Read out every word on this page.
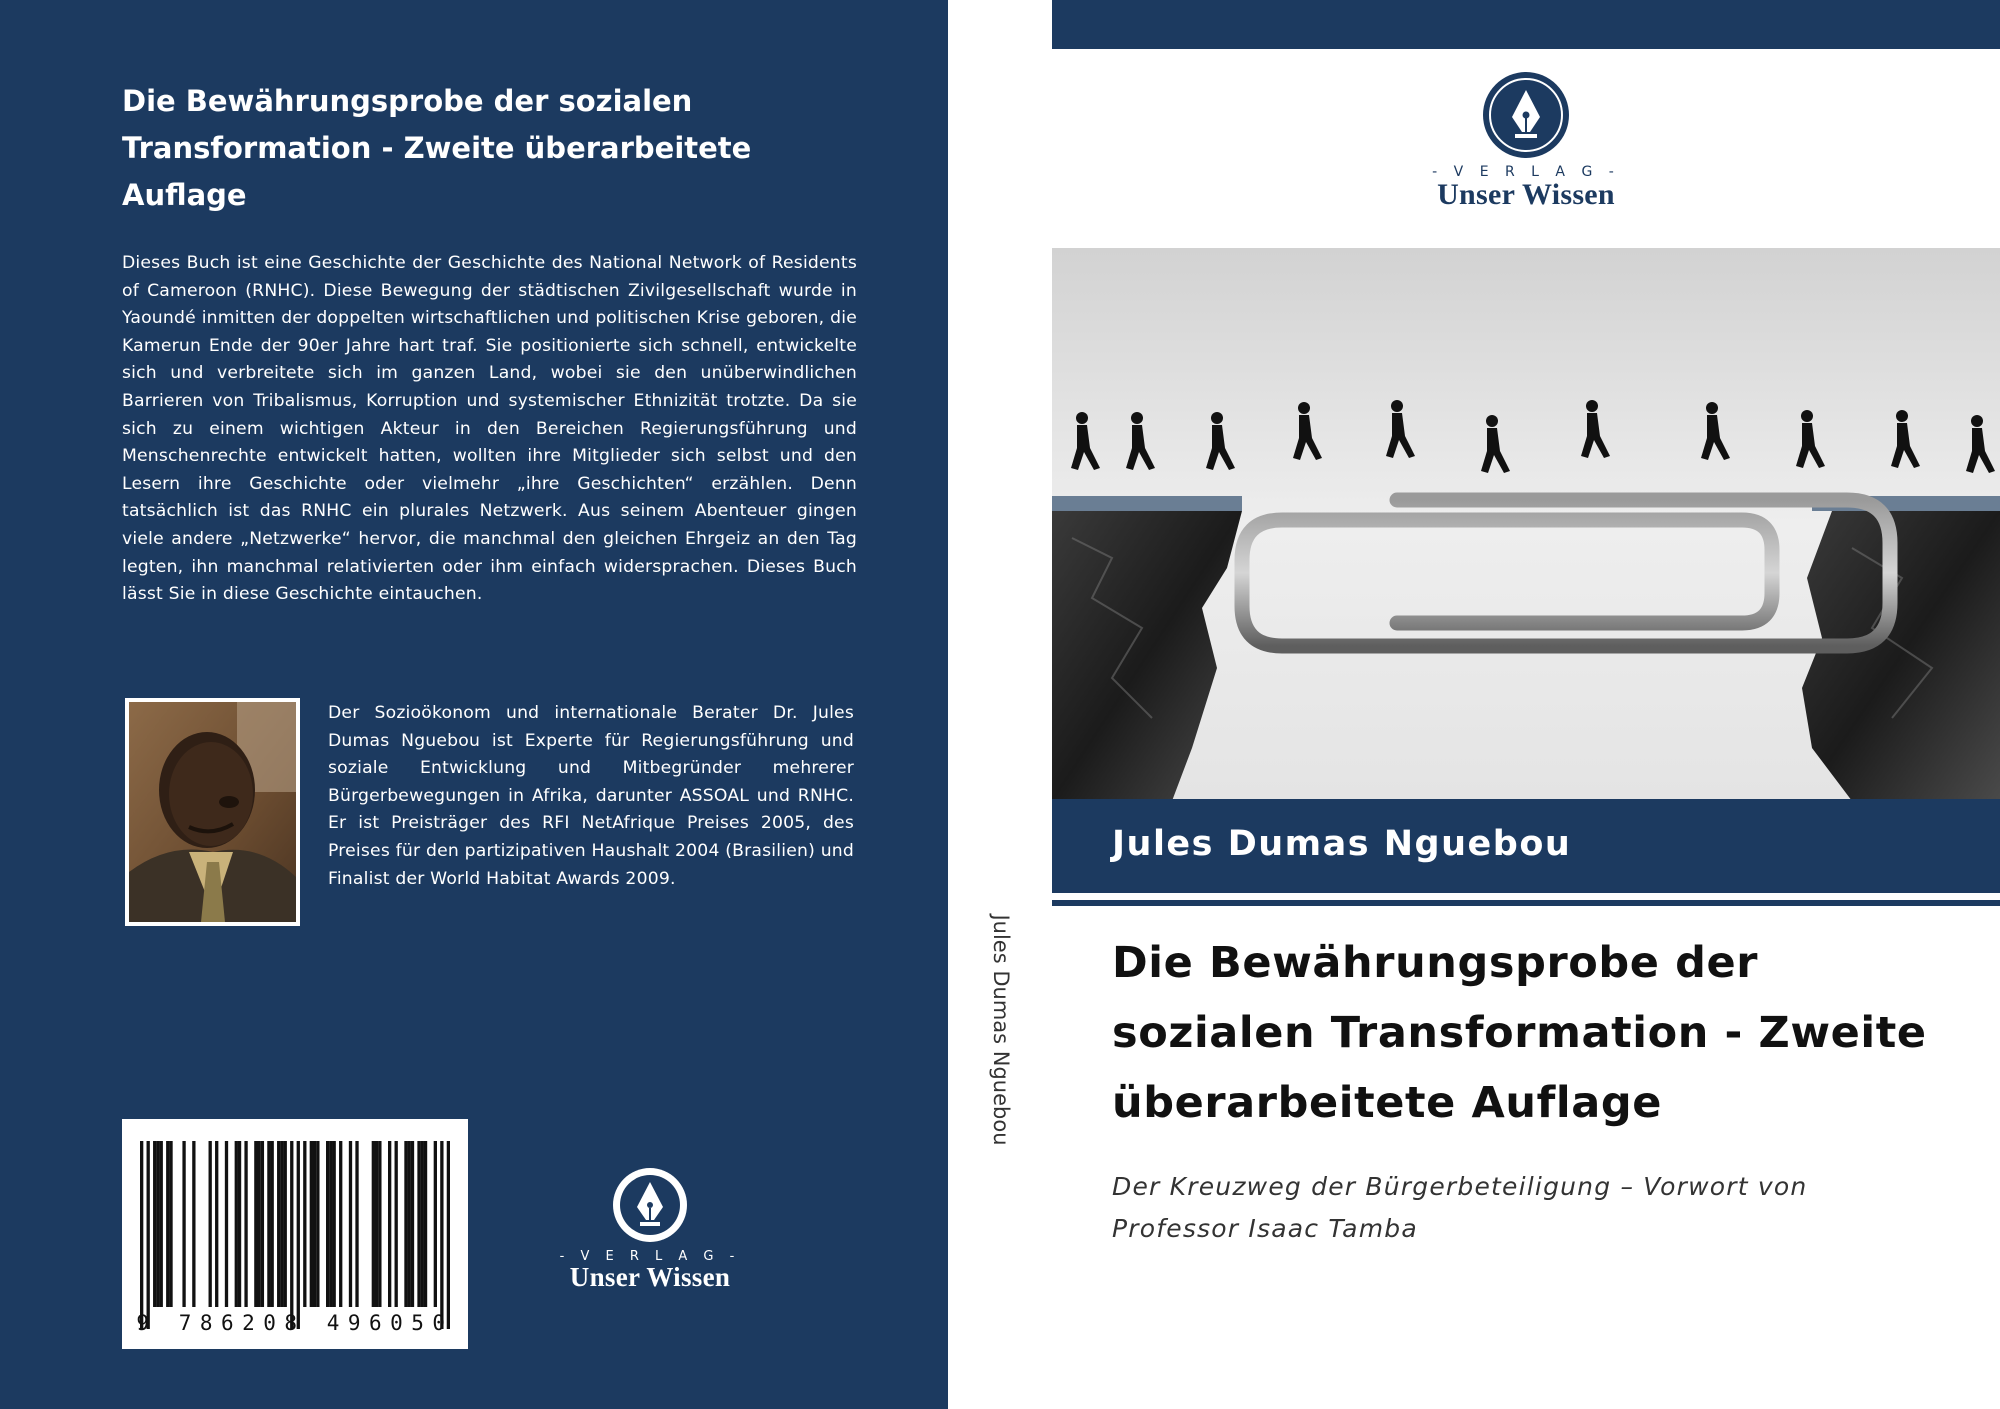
Die Bewährungsprobe der sozialen Transformation - Zweite überarbeitete Auflage

Dieses Buch ist eine Geschichte der Geschichte des National Network of Residents of Cameroon (RNHC). Diese Bewegung der städtischen Zivilgesellschaft wurde in Yaoundé inmitten der doppelten wirtschaftlichen und politischen Krise geboren, die Kamerun Ende der 90er Jahre hart traf. Sie positionierte sich schnell, entwickelte sich und verbreitete sich im ganzen Land, wobei sie den unüberwindlichen Barrieren von Tribalismus, Korruption und systemischer Ethnizität trotzte. Da sie sich zu einem wichtigen Akteur in den Bereichen Regierungsführung und Menschenrechte entwickelt hatten, wollten ihre Mitglieder sich selbst und den Lesern ihre Geschichte oder vielmehr „ihre Geschichten“ erzählen. Denn tatsächlich ist das RNHC ein plurales Netzwerk. Aus seinem Abenteuer gingen viele andere „Netzwerke“ hervor, die manchmal den gleichen Ehrgeiz an den Tag legten, ihn manchmal relativierten oder ihm einfach widersprachen. Dieses Buch lässt Sie in diese Geschichte eintauchen.

Der Sozioökonom und internationale Berater Dr. Jules Dumas Nguebou ist Experte für Regierungsführung und soziale Entwicklung und Mitbegründer mehrerer Bürgerbewegungen in Afrika, darunter ASSOAL und RNHC. Er ist Preisträger des RFI NetAfrique Preises 2005, des Preises für den partizipativen Haushalt 2004 (Brasilien) und Finalist der World Habitat Awards 2009.

9 786208 496050
- V E R L A G -
Unser Wissen
Jules Dumas Nguebou
- V E R L A G -
Unser Wissen
Jules Dumas Nguebou
Die Bewährungsprobe der sozialen Transformation - Zweite überarbeitete Auflage
Der Kreuzweg der Bürgerbeteiligung – Vorwort von Professor Isaac Tamba
